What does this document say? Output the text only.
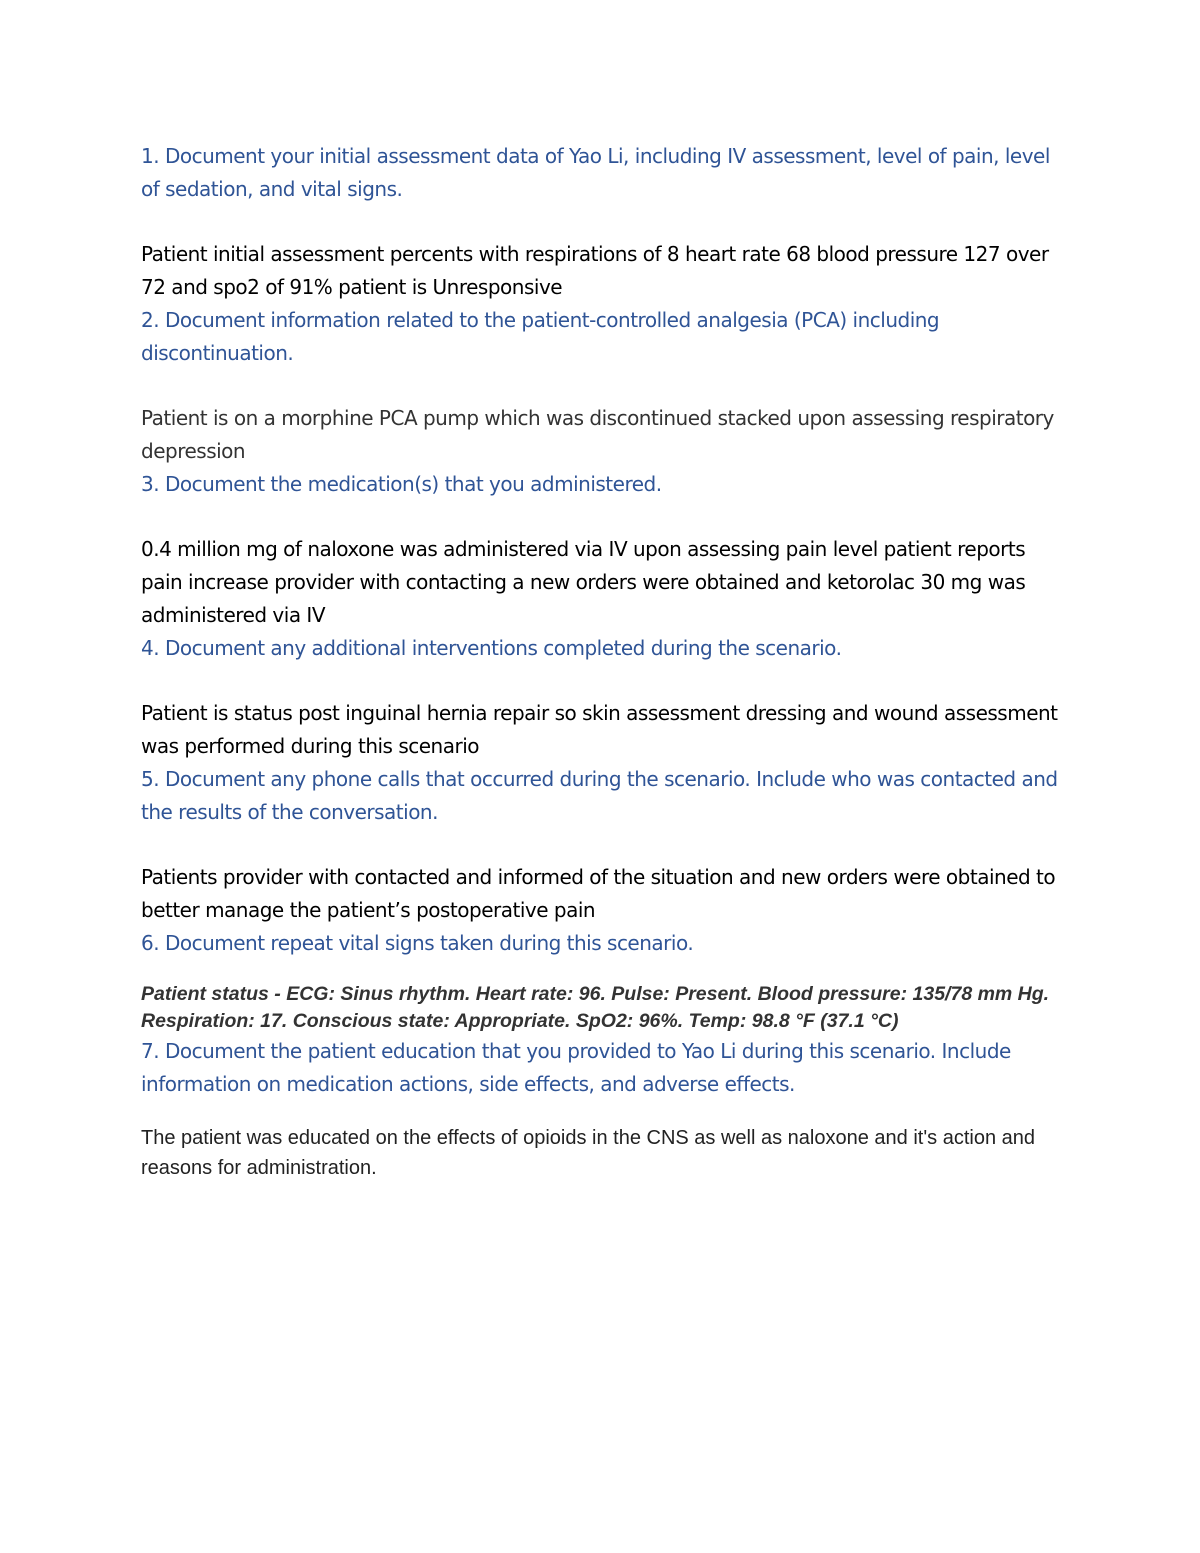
1. Document your initial assessment data of Yao Li, including IV assessment, level of pain, level of sedation, and vital signs.

Patient initial assessment percents with respirations of 8 heart rate 68 blood pressure 127 over 72 and spo2 of 91% patient is Unresponsive

2. Document information related to the patient-controlled analgesia (PCA) including discontinuation.

Patient is on a morphine PCA pump which was discontinued stacked upon assessing respiratory depression

3. Document the medication(s) that you administered.

0.4 million mg of naloxone was administered via IV upon assessing pain level patient reports pain increase provider with contacting a new orders were obtained and ketorolac 30 mg was administered via IV

4. Document any additional interventions completed during the scenario.

Patient is status post inguinal hernia repair so skin assessment dressing and wound assessment was performed during this scenario

5. Document any phone calls that occurred during the scenario. Include who was contacted and the results of the conversation.

Patients provider with contacted and informed of the situation and new orders were obtained to better manage the patient’s postoperative pain

6. Document repeat vital signs taken during this scenario.

Patient status - ECG: Sinus rhythm. Heart rate: 96. Pulse: Present. Blood pressure: 135/78 mm Hg. Respiration: 17. Conscious state: Appropriate. SpO2: 96%. Temp: 98.8 °F (37.1 °C)

7. Document the patient education that you provided to Yao Li during this scenario. Include information on medication actions, side effects, and adverse effects.

The patient was educated on the effects of opioids in the CNS as well as naloxone and it's action and reasons for administration.
